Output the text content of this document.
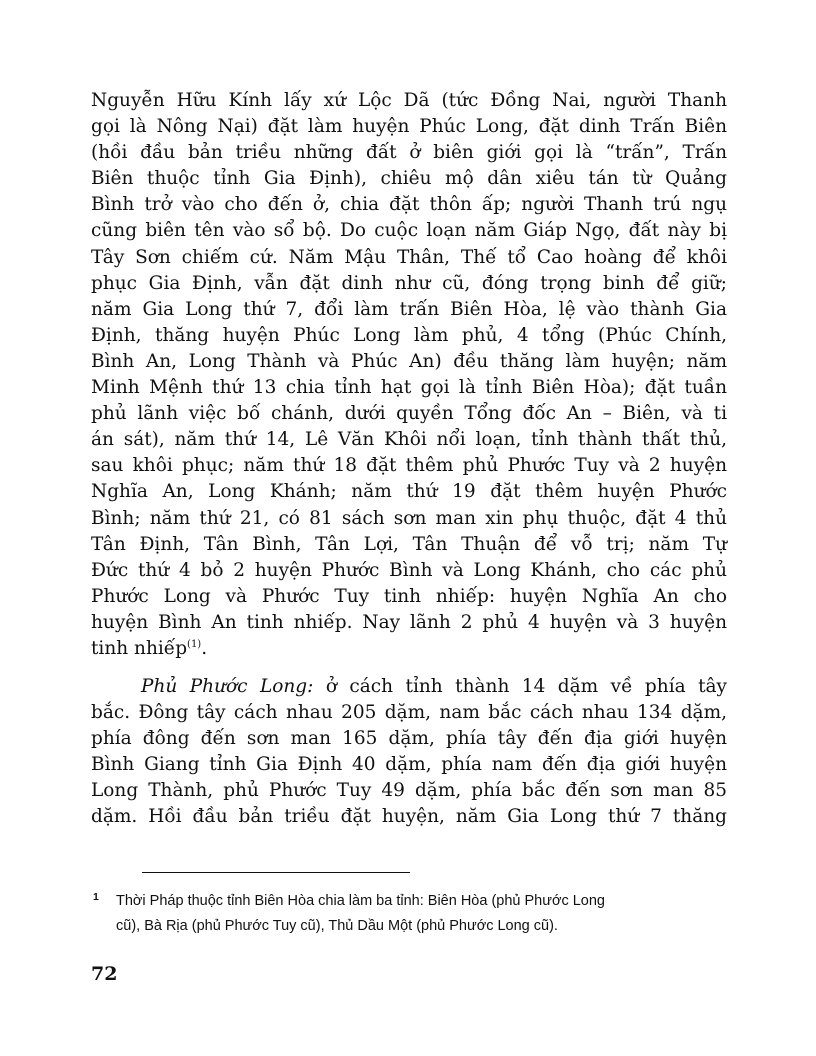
Nguyễn Hữu Kính lấy xứ Lộc Dã (tức Đồng Nai, người Thanh
gọi là Nông Nại) đặt làm huyện Phúc Long, đặt dinh Trấn Biên
(hồi đầu bản triều những đất ở biên giới gọi là “trấn”, Trấn
Biên thuộc tỉnh Gia Định), chiêu mộ dân xiêu tán từ Quảng
Bình trở vào cho đến ở, chia đặt thôn ấp; người Thanh trú ngụ
cũng biên tên vào sổ bộ. Do cuộc loạn năm Giáp Ngọ, đất này bị
Tây Sơn chiếm cứ. Năm Mậu Thân, Thế tổ Cao hoàng để khôi
phục Gia Định, vẫn đặt dinh như cũ, đóng trọng binh để giữ;
năm Gia Long thứ 7, đổi làm trấn Biên Hòa, lệ vào thành Gia
Định, thăng huyện Phúc Long làm phủ, 4 tổng (Phúc Chính,
Bình An, Long Thành và Phúc An) đều thăng làm huyện; năm
Minh Mệnh thứ 13 chia tỉnh hạt gọi là tỉnh Biên Hòa); đặt tuần
phủ lãnh việc bố chánh, dưới quyền Tổng đốc An – Biên, và ti
án sát), năm thứ 14, Lê Văn Khôi nổi loạn, tỉnh thành thất thủ,
sau khôi phục; năm thứ 18 đặt thêm phủ Phước Tuy và 2 huyện
Nghĩa An, Long Khánh; năm thứ 19 đặt thêm huyện Phước
Bình; năm thứ 21, có 81 sách sơn man xin phụ thuộc, đặt 4 thủ
Tân Định, Tân Bình, Tân Lợi, Tân Thuận để vỗ trị; năm Tự
Đức thứ 4 bỏ 2 huyện Phước Bình và Long Khánh, cho các phủ
Phước Long và Phước Tuy tinh nhiếp: huyện Nghĩa An cho
huyện Bình An tinh nhiếp. Nay lãnh 2 phủ 4 huyện và 3 huyện
tinh nhiếp$^{(1)}$.
Phủ Phước Long: ở cách tỉnh thành 14 dặm về phía tây
bắc. Đông tây cách nhau 205 dặm, nam bắc cách nhau 134 dặm,
phía đông đến sơn man 165 dặm, phía tây đến địa giới huyện
Bình Giang tỉnh Gia Định 40 dặm, phía nam đến địa giới huyện
Long Thành, phủ Phước Tuy 49 dặm, phía bắc đến sơn man 85
dặm. Hồi đầu bản triều đặt huyện, năm Gia Long thứ 7 thăng
1 Thời Pháp thuộc tỉnh Biên Hòa chia làm ba tỉnh: Biên Hòa (phủ Phước Long
cũ), Bà Rịa (phủ Phước Tuy cũ), Thủ Dầu Một (phủ Phước Long cũ).
72
